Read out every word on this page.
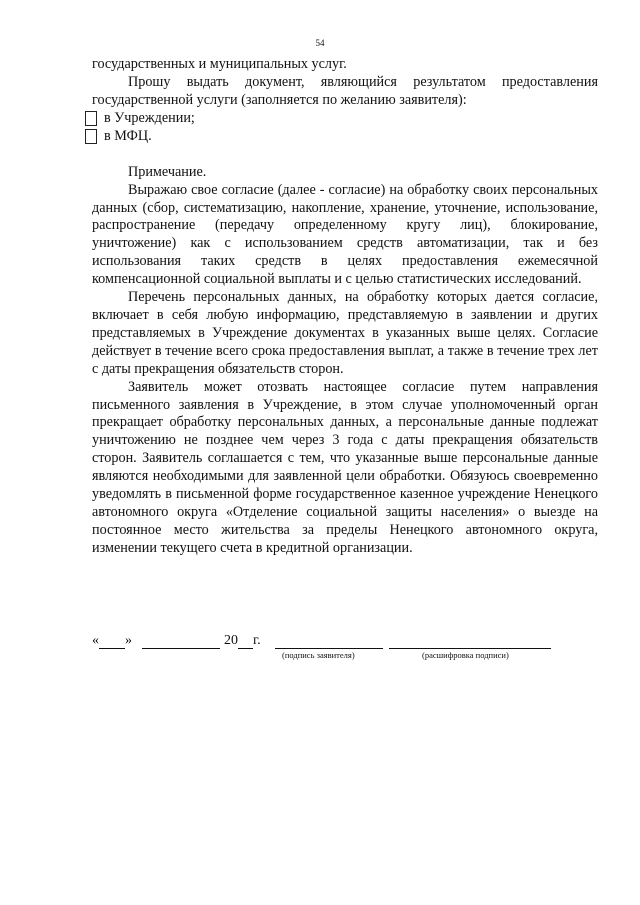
54

государственных и муниципальных услуг.

Прошу выдать документ, являющийся результатом предоставления государственной услуги (заполняется по желанию заявителя):

в Учреждении;
в МФЦ.

Примечание.

Выражаю свое согласие (далее - согласие) на обработку своих персональных данных (сбор, систематизацию, накопление, хранение, уточнение, использование, распространение (передачу определенному кругу лиц), блокирование, уничтожение) как с использованием средств автоматизации, так и без использования таких средств в целях предоставления ежемесячной компенсационной социальной выплаты и с целью статистических исследований.

Перечень персональных данных, на обработку которых дается согласие, включает в себя любую информацию, представляемую в заявлении и других представляемых в Учреждение документах в указанных выше целях. Согласие действует в течение всего срока предоставления выплат, а также в течение трех лет с даты прекращения обязательств сторон.

Заявитель может отозвать настоящее согласие путем направления письменного заявления в Учреждение, в этом случае уполномоченный орган прекращает обработку персональных данных, а персональные данные подлежат уничтожению не позднее чем через 3 года с даты прекращения обязательств сторон. Заявитель соглашается с тем, что указанные выше персональные данные являются необходимыми для заявленной цели обработки. Обязуюсь своевременно уведомлять в письменной форме государственное казенное учреждение Ненецкого автономного округа «Отделение социальной защиты населения» о выезде на постоянное место жительства за пределы Ненецкого автономного округа, изменении текущего счета в кредитной организации.

« »	20 г.
(подпись заявителя)	(расшифровка подписи)
